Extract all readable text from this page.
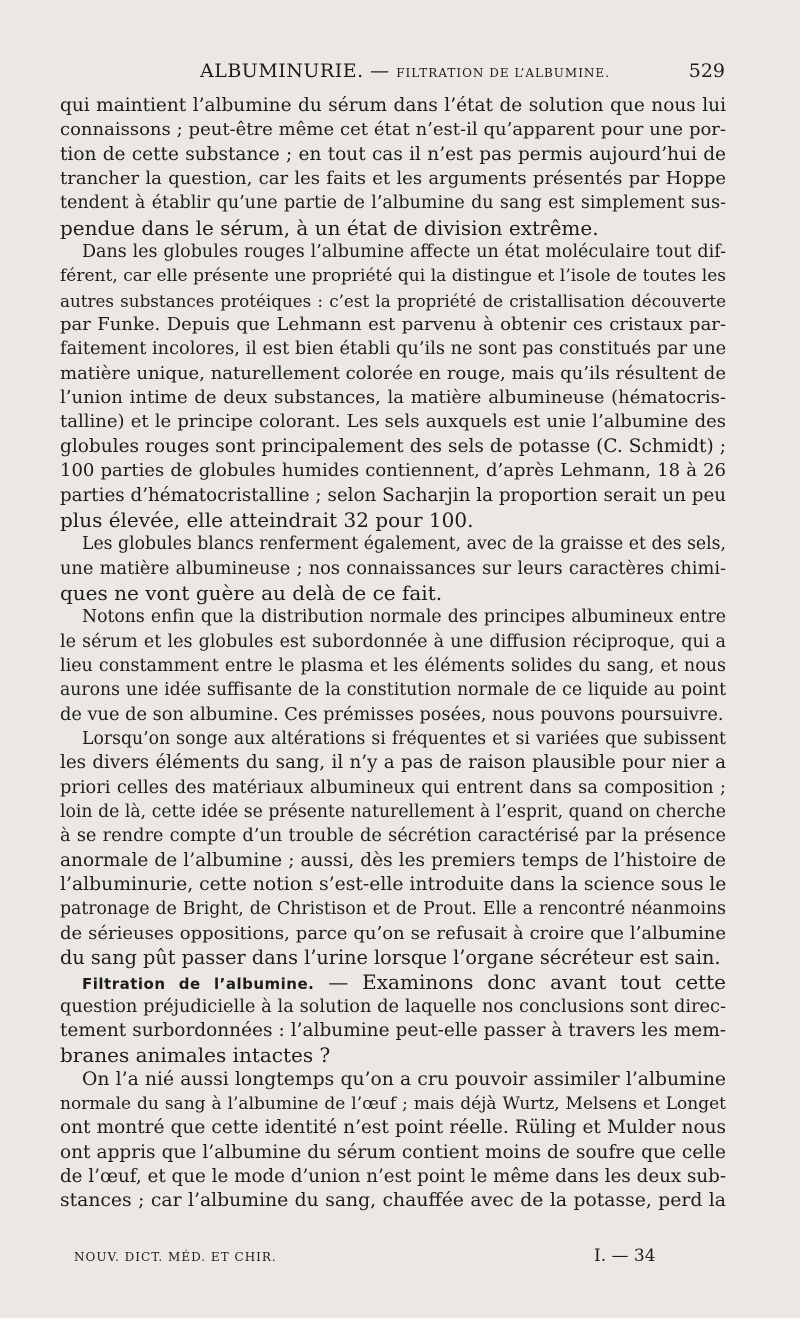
ALBUMINURIE. — FILTRATION DE L’ALBUMINE.	529
qui maintient l’albumine du sérum dans l’état de solution que nous lui
connaissons ; peut-être même cet état n’est-il qu’apparent pour une por-
tion de cette substance ; en tout cas il n’est pas permis aujourd’hui de
trancher la question, car les faits et les arguments présentés par Hoppe
tendent à établir qu’une partie de l’albumine du sang est simplement sus-
pendue dans le sérum, à un état de division extrême.
Dans les globules rouges l’albumine affecte un état moléculaire tout dif-
férent, car elle présente une propriété qui la distingue et l’isole de toutes les
autres substances protéiques : c’est la propriété de cristallisation découverte
par Funke. Depuis que Lehmann est parvenu à obtenir ces cristaux par-
faitement incolores, il est bien établi qu’ils ne sont pas constitués par une
matière unique, naturellement colorée en rouge, mais qu’ils résultent de
l’union intime de deux substances, la matière albumineuse (hématocris-
talline) et le principe colorant. Les sels auxquels est unie l’albumine des
globules rouges sont principalement des sels de potasse (C. Schmidt) ;
100 parties de globules humides contiennent, d’après Lehmann, 18 à 26
parties d’hématocristalline ; selon Sacharjin la proportion serait un peu
plus élevée, elle atteindrait 32 pour 100.
Les globules blancs renferment également, avec de la graisse et des sels,
une matière albumineuse ; nos connaissances sur leurs caractères chimi-
ques ne vont guère au delà de ce fait.
Notons enfin que la distribution normale des principes albumineux entre
le sérum et les globules est subordonnée à une diffusion réciproque, qui a
lieu constamment entre le plasma et les éléments solides du sang, et nous
aurons une idée suffisante de la constitution normale de ce liquide au point
de vue de son albumine. Ces prémisses posées, nous pouvons poursuivre.
Lorsqu’on songe aux altérations si fréquentes et si variées que subissent
les divers éléments du sang, il n’y a pas de raison plausible pour nier a
priori celles des matériaux albumineux qui entrent dans sa composition ;
loin de là, cette idée se présente naturellement à l’esprit, quand on cherche
à se rendre compte d’un trouble de sécrétion caractérisé par la présence
anormale de l’albumine ; aussi, dès les premiers temps de l’histoire de
l’albuminurie, cette notion s’est-elle introduite dans la science sous le
patronage de Bright, de Christison et de Prout. Elle a rencontré néanmoins
de sérieuses oppositions, parce qu’on se refusait à croire que l’albumine
du sang pût passer dans l’urine lorsque l’organe sécréteur est sain.
Filtration de l’albumine. — Examinons donc avant tout cette
question préjudicielle à la solution de laquelle nos conclusions sont direc-
tement surbordonnées : l’albumine peut-elle passer à travers les mem-
branes animales intactes ?
On l’a nié aussi longtemps qu’on a cru pouvoir assimiler l’albumine
normale du sang à l’albumine de l’œuf ; mais déjà Wurtz, Melsens et Longet
ont montré que cette identité n’est point réelle. Rüling et Mulder nous
ont appris que l’albumine du sérum contient moins de soufre que celle
de l’œuf, et que le mode d’union n’est point le même dans les deux sub-
stances ; car l’albumine du sang, chauffée avec de la potasse, perd la
NOUV. DICT. MÉD. ET CHIR.	I. — 34
